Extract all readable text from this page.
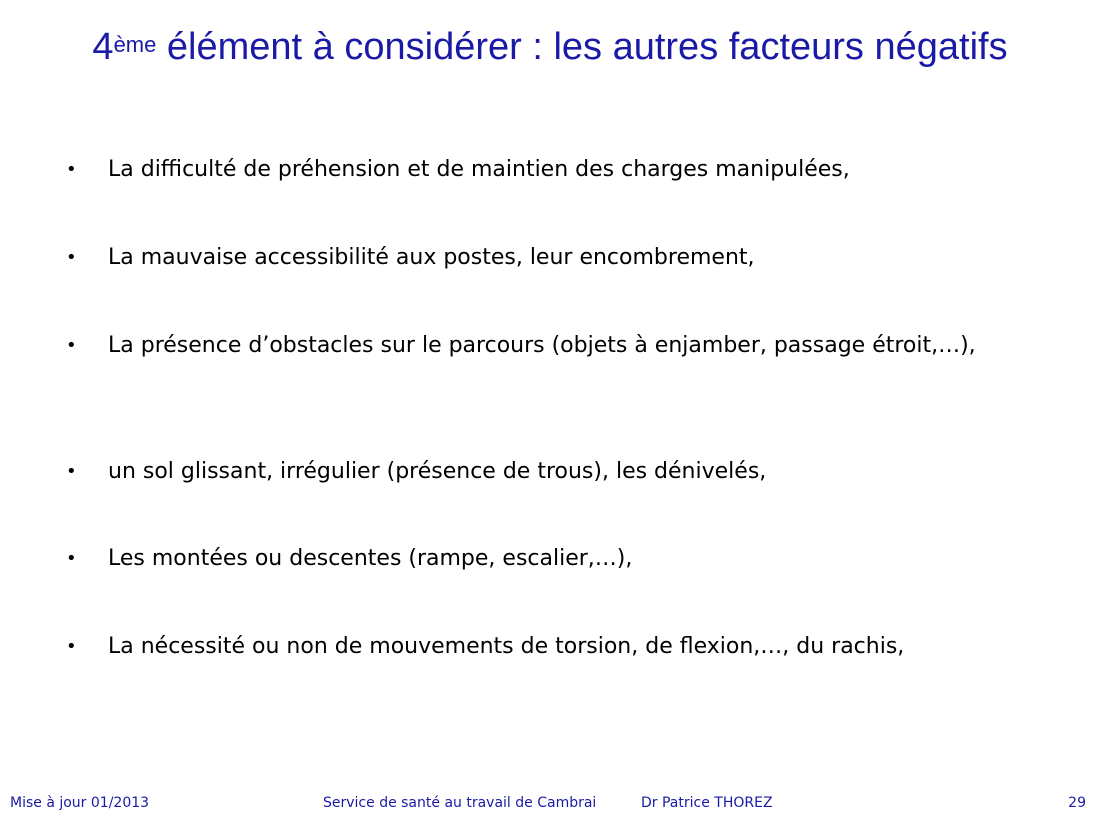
4ème élément à considérer : les autres facteurs négatifs
•	La difficulté de préhension et de maintien des charges manipulées,
•	La mauvaise accessibilité aux postes, leur encombrement,
•	La présence d’obstacles sur le parcours (objets à enjamber, passage étroit,…),
•	un sol glissant, irrégulier (présence de trous), les dénivelés,
•	Les montées ou descentes (rampe, escalier,…),
•	La nécessité ou non de mouvements de torsion, de flexion,…, du rachis,
Mise à jour 01/2013	Service de santé au travail de Cambrai	Dr Patrice THOREZ	29
